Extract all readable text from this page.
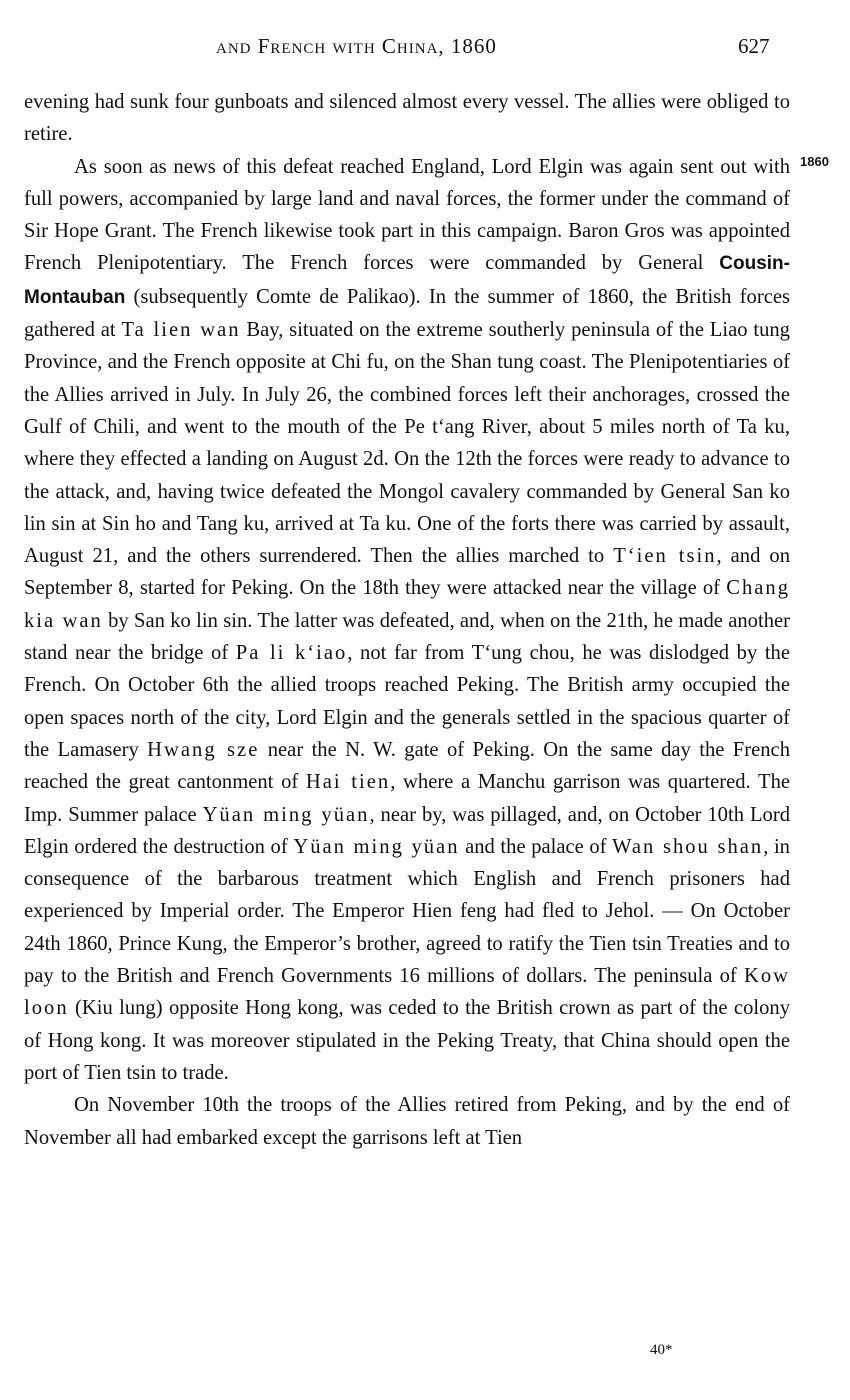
and French with China, 1860	627
1860

evening had sunk four gunboats and silenced almost every vessel. The allies were obliged to retire.

As soon as news of this defeat reached England, Lord Elgin was again sent out with full powers, accompanied by large land and naval forces, the former under the command of Sir Hope Grant. The French likewise took part in this campaign. Baron Gros was appointed French Plenipotentiary. The French forces were commanded by General Cousin-Montauban (subsequently Comte de Palikao). In the summer of 1860, the British forces gathered at Ta lien wan Bay, situated on the extreme southerly peninsula of the Liao tung Province, and the French opposite at Chi fu, on the Shan tung coast. The Plenipotentiaries of the Allies arrived in July. In July 26, the combined forces left their anchorages, crossed the Gulf of Chili, and went to the mouth of the Pe t‘ang River, about 5 miles north of Ta ku, where they effected a landing on August 2d. On the 12th the forces were ready to advance to the attack, and, having twice defeated the Mongol cavalery commanded by General San ko lin sin at Sin ho and Tang ku, arrived at Ta ku. One of the forts there was carried by assault, August 21, and the others surrendered. Then the allies marched to T‘ien tsin, and on September 8, started for Peking. On the 18th they were attacked near the village of Chang kia wan by San ko lin sin. The latter was defeated, and, when on the 21th, he made another stand near the bridge of Pa li k‘iao, not far from T‘ung chou, he was dislodged by the French. On October 6th the allied troops reached Peking. The British army occupied the open spaces north of the city, Lord Elgin and the generals settled in the spacious quarter of the Lamasery Hwang sze near the N. W. gate of Peking. On the same day the French reached the great cantonment of Hai tien, where a Manchu garrison was quartered. The Imp. Summer palace Yüan ming yüan, near by, was pillaged, and, on October 10th Lord Elgin ordered the destruction of Yüan ming yüan and the palace of Wan shou shan, in consequence of the barbarous treatment which English and French prisoners had experienced by Imperial order. The Emperor Hien feng had fled to Jehol. — On October 24th 1860, Prince Kung, the Emperor’s brother, agreed to ratify the Tien tsin Treaties and to pay to the British and French Governments 16 millions of dollars. The peninsula of Kow loon (Kiu lung) opposite Hong kong, was ceded to the British crown as part of the colony of Hong kong. It was moreover stipulated in the Peking Treaty, that China should open the port of Tien tsin to trade.

On November 10th the troops of the Allies retired from Peking, and by the end of November all had embarked except the garrisons left at Tien

40*
